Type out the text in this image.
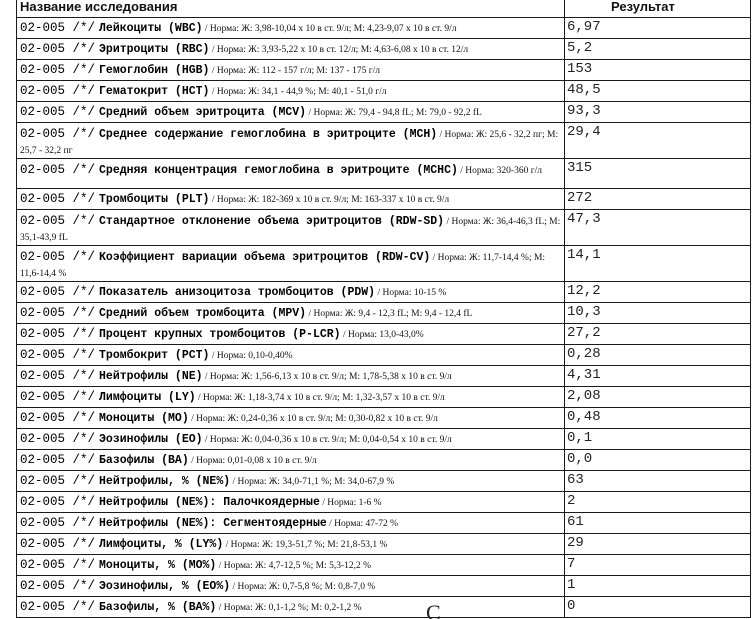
Название исследования	Результат
02-005 /*/ Лейкоциты (WBC) / Норма: Ж: 3,98-10,04 х 10 в ст. 9/л; М: 4,23-9,07 х 10 в ст. 9/л	6,97
02-005 /*/ Эритроциты (RBC) / Норма: Ж: 3,93-5,22 х 10 в ст. 12/л; М: 4,63-6,08 х 10 в ст. 12/л	5,2
02-005 /*/ Гемоглобин (HGB) / Норма: Ж: 112 - 157 г/л; М: 137 - 175 г/л	153
02-005 /*/ Гематокрит (HCT) / Норма: Ж: 34,1 - 44,9 %; М: 40,1 - 51,0 г/л	48,5
02-005 /*/ Средний объем эритроцита (MCV) / Норма: Ж: 79,4 - 94,8 fL; М: 79,0 - 92,2 fL	93,3
02-005 /*/ Среднее содержание гемоглобина в эритроците (MCH) / Норма: Ж: 25,6 - 32,2 пг; М: 25,7 - 32,2 пг	29,4
02-005 /*/ Средняя концентрация гемоглобина в эритроците (MCHC) / Норма: 320-360 г/л	315
02-005 /*/ Тромбоциты (PLT) / Норма: Ж: 182-369 х 10 в ст. 9/л; М: 163-337 х 10 в ст. 9/л	272
02-005 /*/ Стандартное отклонение объема эритроцитов (RDW-SD) / Норма: Ж: 36,4-46,3 fL; М: 35,1-43,9 fL	47,3
02-005 /*/ Коэффициент вариации объема эритроцитов (RDW-CV) / Норма: Ж: 11,7-14,4 %; М: 11,6-14,4 %	14,1
02-005 /*/ Показатель анизоцитоза тромбоцитов (PDW) / Норма: 10-15 %	12,2
02-005 /*/ Средний объем тромбоцита (MPV) / Норма: Ж: 9,4 - 12,3 fL; М: 9,4 - 12,4 fL	10,3
02-005 /*/ Процент крупных тромбоцитов (P-LCR) / Норма: 13,0-43,0%	27,2
02-005 /*/ Тромбокрит (PCT) / Норма: 0,10-0,40%	0,28
02-005 /*/ Нейтрофилы (NE) / Норма: Ж: 1,56-6,13 х 10 в ст. 9/л; М: 1,78-5,38 х 10 в ст. 9/л	4,31
02-005 /*/ Лимфоциты (LY) / Норма: Ж: 1,18-3,74 х 10 в ст. 9/л; М: 1,32-3,57 х 10 в ст. 9/л	2,08
02-005 /*/ Моноциты (MO) / Норма: Ж: 0,24-0,36 х 10 в ст. 9/л; М: 0,30-0,82 х 10 в ст. 9/л	0,48
02-005 /*/ Эозинофилы (EO) / Норма: Ж: 0,04-0,36 х 10 в ст. 9/л; М: 0,04-0,54 х 10 в ст. 9/л	0,1
02-005 /*/ Базофилы (BA) / Норма: 0,01-0,08 х 10 в ст. 9/л	0,0
02-005 /*/ Нейтрофилы, % (NE%) / Норма: Ж: 34,0-71,1 %; М: 34,0-67,9 %	63
02-005 /*/ Нейтрофилы (NE%): Палочкоядерные / Норма: 1-6 %	2
02-005 /*/ Нейтрофилы (NE%): Сегментоядерные / Норма: 47-72 %	61
02-005 /*/ Лимфоциты, % (LY%) / Норма: Ж: 19,3-51,7 %; М: 21,8-53,1 %	29
02-005 /*/ Моноциты, % (MO%) / Норма: Ж: 4,7-12,5 %; М: 5,3-12,2 %	7
02-005 /*/ Эозинофилы, % (EO%) / Норма: Ж: 0,7-5,8 %; М: 0,8-7,0 %	1
02-005 /*/ Базофилы, % (BA%) / Норма: Ж: 0,1-1,2 %; М: 0,2-1,2 %	0
С
